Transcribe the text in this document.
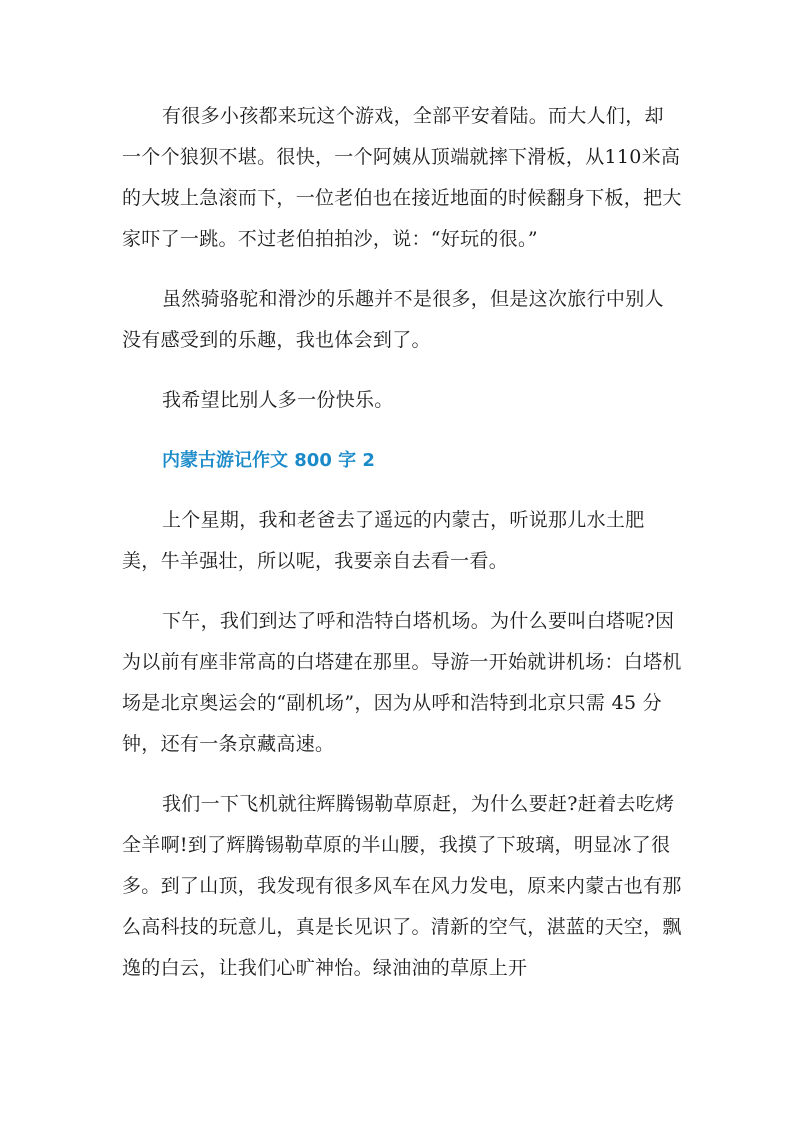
有很多小孩都来玩这个游戏，全部平安着陆。而大人们，却一个个狼狈不堪。很快，一个阿姨从顶端就摔下滑板，从110米高的大坡上急滚而下，一位老伯也在接近地面的时候翻身下板，把大家吓了一跳。不过老伯拍拍沙，说：“好玩的很。”

虽然骑骆驼和滑沙的乐趣并不是很多，但是这次旅行中别人没有感受到的乐趣，我也体会到了。

我希望比别人多一份快乐。

内蒙古游记作文 800 字 2

上个星期，我和老爸去了遥远的内蒙古，听说那儿水土肥美，牛羊强壮，所以呢，我要亲自去看一看。

下午，我们到达了呼和浩特白塔机场。为什么要叫白塔呢?因为以前有座非常高的白塔建在那里。导游一开始就讲机场：白塔机场是北京奥运会的“副机场”，因为从呼和浩特到北京只需 45 分钟，还有一条京藏高速。

我们一下飞机就往辉腾锡勒草原赶，为什么要赶?赶着去吃烤全羊啊!到了辉腾锡勒草原的半山腰，我摸了下玻璃，明显冰了很多。到了山顶，我发现有很多风车在风力发电，原来内蒙古也有那么高科技的玩意儿，真是长见识了。清新的空气，湛蓝的天空，飘逸的白云，让我们心旷神怡。绿油油的草原上开
